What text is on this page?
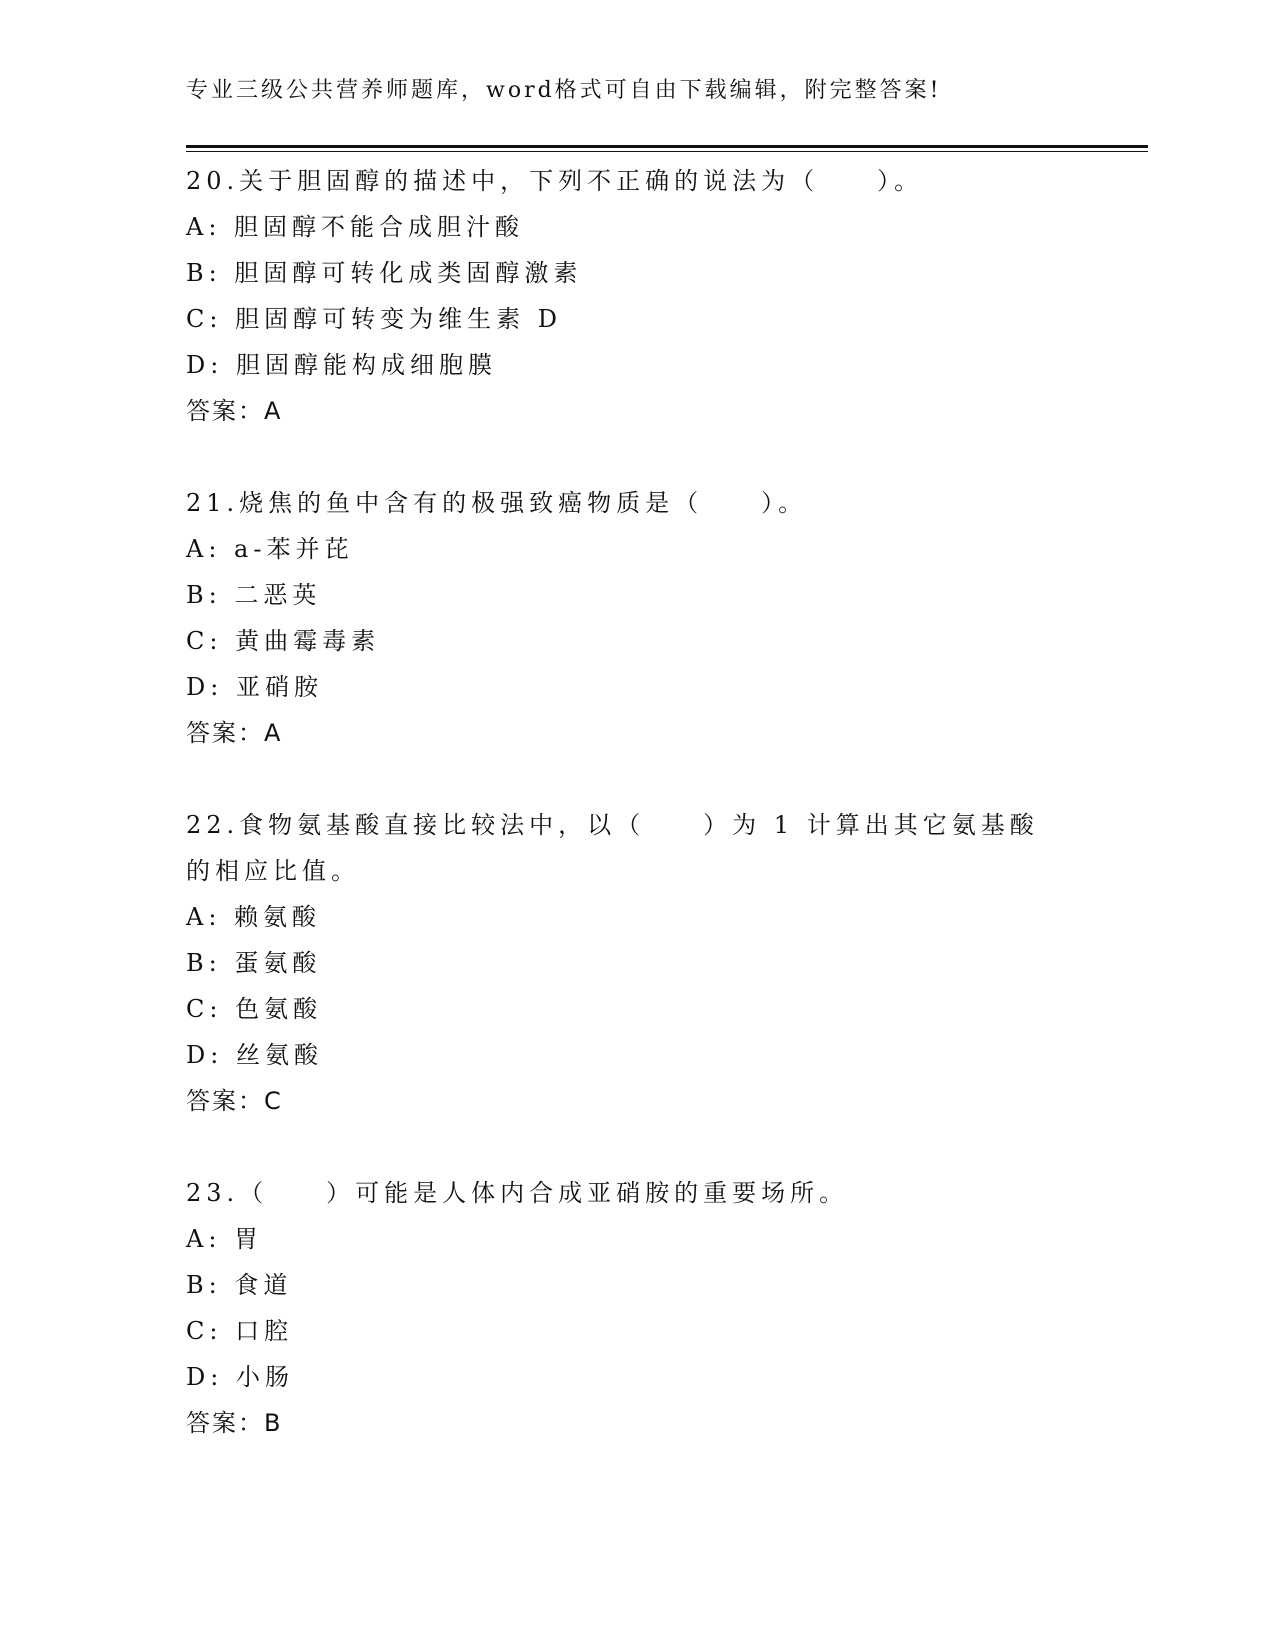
专业三级公共营养师题库，word格式可自由下载编辑，附完整答案!
20.关于胆固醇的描述中，下列不正确的说法为（　　）。
A: 胆固醇不能合成胆汁酸
B: 胆固醇可转化成类固醇激素
C: 胆固醇可转变为维生素 D
D: 胆固醇能构成细胞膜
答案：A
21.烧焦的鱼中含有的极强致癌物质是（　　）。
A: a-苯并芘
B: 二恶英
C: 黄曲霉毒素
D: 亚硝胺
答案：A
22.食物氨基酸直接比较法中，以（　　）为 1 计算出其它氨基酸的相应比值。
A: 赖氨酸
B: 蛋氨酸
C: 色氨酸
D: 丝氨酸
答案：C
23.（　　）可能是人体内合成亚硝胺的重要场所。
A: 胃
B: 食道
C: 口腔
D: 小肠
答案：B
